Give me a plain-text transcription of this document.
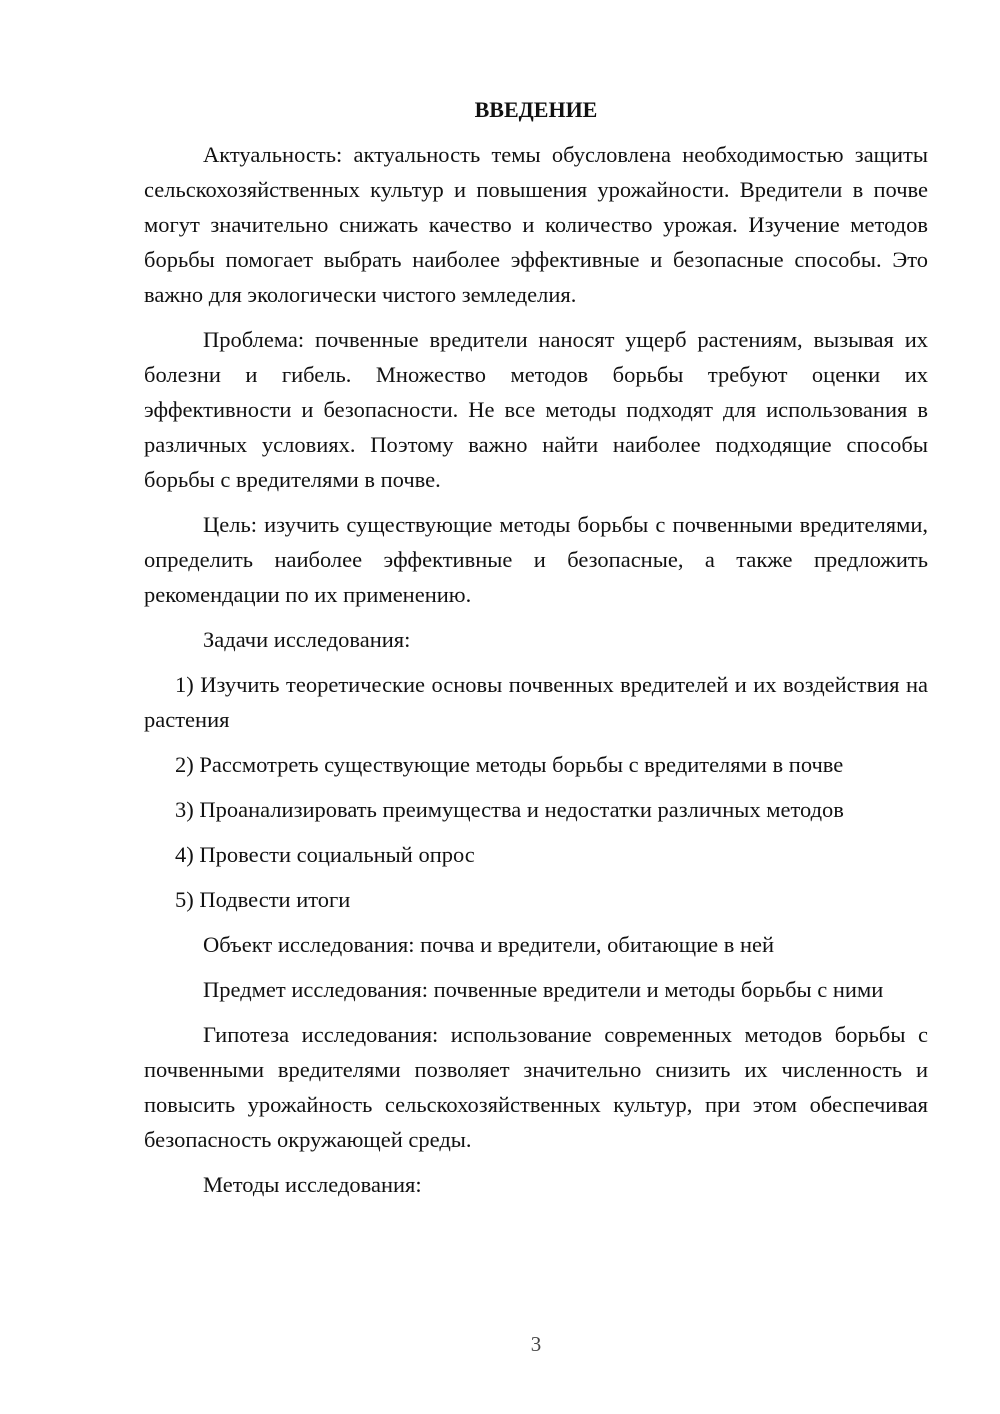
ВВЕДЕНИЕ

Актуальность: актуальность темы обусловлена необходимостью защиты сельскохозяйственных культур и повышения урожайности. Вредители в почве могут значительно снижать качество и количество урожая. Изучение методов борьбы помогает выбрать наиболее эффективные и безопасные способы. Это важно для экологически чистого земледелия.

Проблема: почвенные вредители наносят ущерб растениям, вызывая их болезни и гибель. Множество методов борьбы требуют оценки их эффективности и безопасности. Не все методы подходят для использования в различных условиях. Поэтому важно найти наиболее подходящие способы борьбы с вредителями в почве.

Цель: изучить существующие методы борьбы с почвенными вредителями, определить наиболее эффективные и безопасные, а также предложить рекомендации по их применению.

Задачи исследования:

1) Изучить теоретические основы почвенных вредителей и их воздействия на растения

2) Рассмотреть существующие методы борьбы с вредителями в почве

3) Проанализировать преимущества и недостатки различных методов

4) Провести социальный опрос

5) Подвести итоги

Объект исследования: почва и вредители, обитающие в ней

Предмет исследования: почвенные вредители и методы борьбы с ними

Гипотеза исследования: использование современных методов борьбы с почвенными вредителями позволяет значительно снизить их численность и повысить урожайность сельскохозяйственных культур, при этом обеспечивая безопасность окружающей среды.

Методы исследования:

3
